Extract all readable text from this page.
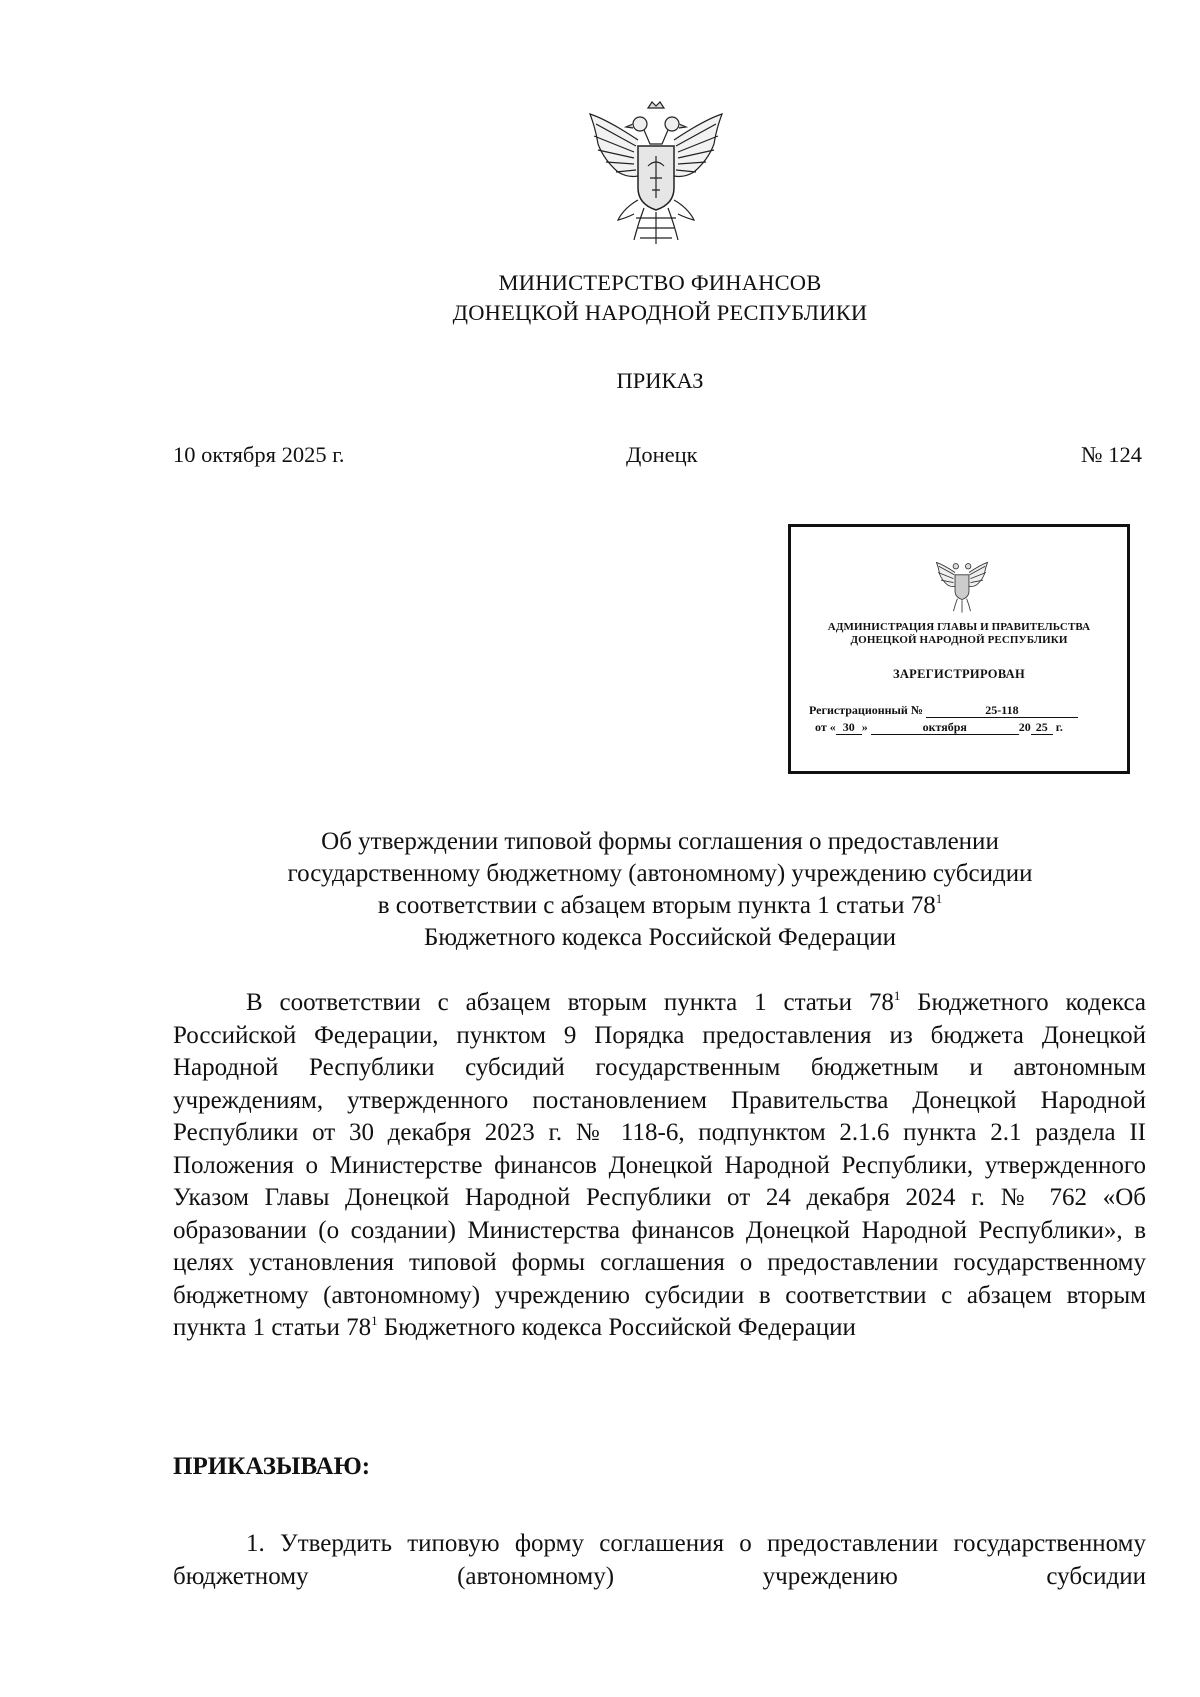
МИНИСТЕРСТВО ФИНАНСОВ
ДОНЕЦКОЙ НАРОДНОЙ РЕСПУБЛИКИ
ПРИКАЗ
10 октября 2025 г.	Донецк	№ 124
АДМИНИСТРАЦИЯ ГЛАВЫ И ПРАВИТЕЛЬСТВА
ДОНЕЦКОЙ НАРОДНОЙ РЕСПУБЛИКИ
ЗАРЕГИСТРИРОВАН
Регистрационный №	25-118
от « 30 »	октября	20 25 г.
Об утверждении типовой формы соглашения о предоставлении
государственному бюджетному (автономному) учреждению субсидии
в соответствии с абзацем вторым пункта 1 статьи $78^1$
Бюджетного кодекса Российской Федерации

В соответствии с абзацем вторым пункта 1 статьи $78^1$ Бюджетного кодекса Российской Федерации, пунктом 9 Порядка предоставления из бюджета Донецкой Народной Республики субсидий государственным бюджетным и автономным учреждениям, утвержденного постановлением Правительства Донецкой Народной Республики от 30 декабря 2023 г. № 118-6, подпунктом 2.1.6 пункта 2.1 раздела II Положения о Министерстве финансов Донецкой Народной Республики, утвержденного Указом Главы Донецкой Народной Республики от 24 декабря 2024 г. № 762 «Об образовании (о создании) Министерства финансов Донецкой Народной Республики», в целях установления типовой формы соглашения о предоставлении государственному бюджетному (автономному) учреждению субсидии в соответствии с абзацем вторым пункта 1 статьи $78^1$ Бюджетного кодекса Российской Федерации

ПРИКАЗЫВАЮ:

1. Утвердить типовую форму соглашения о предоставлении государственному бюджетному (автономному) учреждению субсидии
